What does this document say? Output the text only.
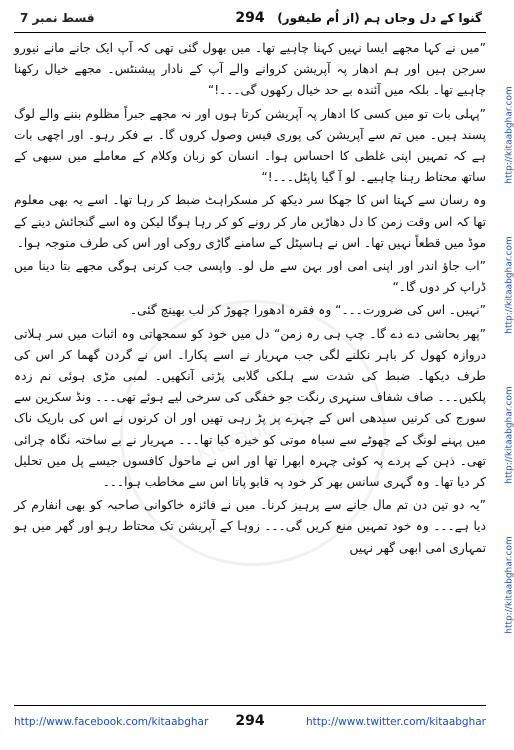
قسط نمبر 7	294	گنوا کے دل وجاں ہم (از اُم طیفور)
http://kitaabghar.com
http://kitaabghar.com
http://kitaabghar.com
http://kitaabghar.com
kitaabghar

”میں نے کہا مجھے ایسا نہیں کہنا چاہیے تھا۔ میں بھول گئی تھی کہ آپ ایک جانے مانے نیورو سرجن ہیں اور ہم ادھار پہ آپریشن کروانے والے آپ کے نادار پیشنٹس۔ مجھے خیال رکھنا چاہیے تھا۔ بلکہ میں آئندہ بے حد خیال رکھوں گی۔۔۔!“

”پہلی بات تو میں کسی کا ادھار پہ آپریشن کرتا ہوں اور نہ مجھے جبراً مظلوم بننے والے لوگ پسند ہیں۔ میں تم سے آپریشن کی پوری فیس وصول کروں گا۔ بے فکر رہو۔ اور اچھی بات ہے کہ تمہیں اپنی غلطی کا احساس ہوا۔ انسان کو زبان وکلام کے معاملے میں سبھی کے ساتھ محتاط رہنا چاہیے۔ لو آ گیا پاپٹل۔۔۔!“

وہ رسان سے کہتا اس کا جھکا سر دیکھ کر مسکراہٹ ضبط کر رہا تھا۔ اسے یہ بھی معلوم تھا کہ اس وقت زمن کا دل دھاڑیں مار کر رونے کو کر رہا ہوگا لیکن وہ اسے گنجائش دینے کے موڈ میں قطعاً نہیں تھا۔ اس نے ہاسپٹل کے سامنے گاڑی روکی اور اس کی طرف متوجہ ہوا۔

”اب جاؤ اندر اور اپنی امی اور بہن سے مل لو۔ واپسی جب کرنی ہوگی مجھے بتا دینا میں ڈراپ کر دوں گا۔“

”نہیں۔ اس کی ضرورت۔۔۔“ وہ فقرہ ادھورا چھوڑ کر لب بھینچ گئی۔

”پھر بحاشی دے دے گا۔ چپ ہی رہ زمن“ دل میں خود کو سمجھاتی وہ اثبات میں سر ہلاتی دروازہ کھول کر باہر نکلنے لگی جب مہریار نے اسے پکارا۔ اس نے گردن گھما کر اس کی طرف دیکھا۔ ضبط کی شدت سے ہلکی گلابی پڑتی آنکھیں۔ لمبی مڑی ہوئی نم زدہ پلکیں۔۔۔ صاف شفاف سنہری رنگت جو خفگی کی سرخی لیے ہوئے تھی۔۔۔ ونڈ سکرین سے سورج کی کرنیں سیدھی اس کے چہرے پر پڑ رہی تھیں اور ان کرنوں نے اس کی باریک ناک میں پہنے لونگ کے چھوٹے سے سیاہ موتی کو خیرہ کیا تھا۔۔۔ مہریار نے بے ساختہ نگاہ چرائی تھی۔ ذہن کے پردے پہ کوئی چہرہ ابھرا تھا اور اس نے ماحول کافسوں جیسے پل میں تحلیل کر دیا تھا۔ وہ گہری سانس بھر کر خود پہ قابو پاتا اس سے مخاطب ہوا۔۔۔

”یہ دو تین دن تم مال جانے سے پرہیز کرنا۔ میں نے فائزہ خاکوانی صاحبہ کو بھی انفارم کر دیا ہے۔۔۔ وہ خود تمہیں منع کریں گی۔۔۔ زوہا کے آپریشن تک محتاط رہو اور گھر میں ہو تمہاری امی ابھی گھر نہیں

http://www.facebook.com/kitaabghar	294	http://www.twitter.com/kitaabghar
